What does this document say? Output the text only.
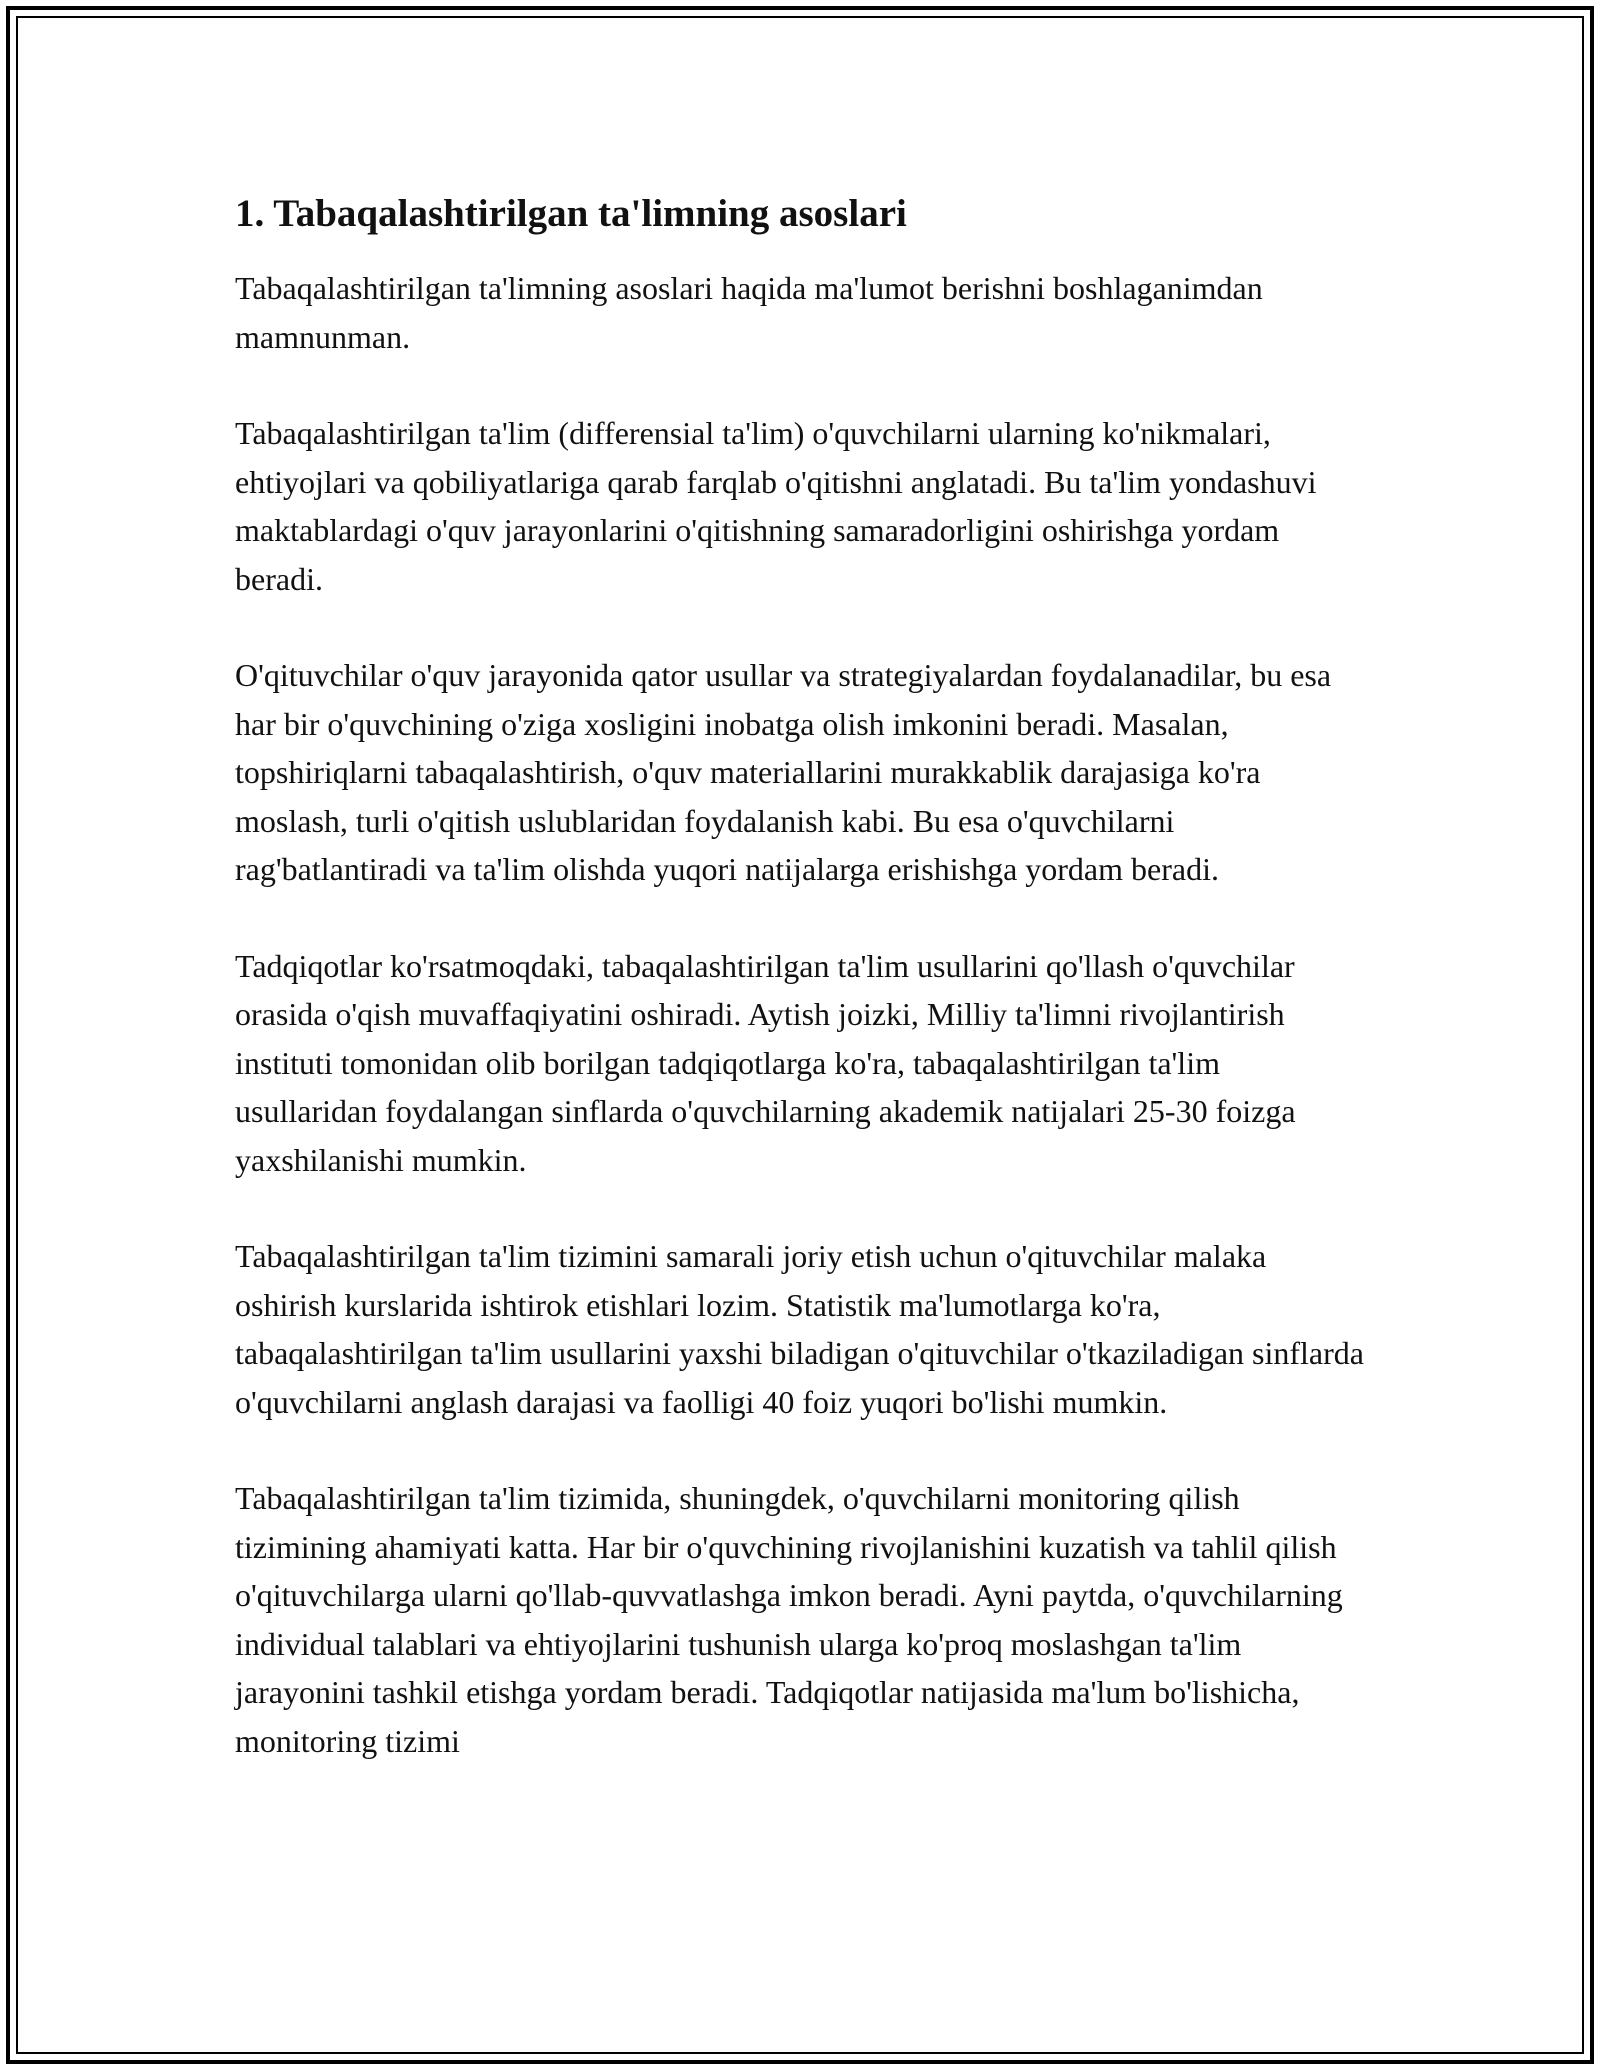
1. Tabaqalashtirilgan ta'limning asoslari

Tabaqalashtirilgan ta'limning asoslari haqida ma'lumot berishni boshlaganimdan mamnunman.

Tabaqalashtirilgan ta'lim (differensial ta'lim) o'quvchilarni ularning ko'nikmalari, ehtiyojlari va qobiliyatlariga qarab farqlab o'qitishni anglatadi. Bu ta'lim yondashuvi maktablardagi o'quv jarayonlarini o'qitishning samaradorligini oshirishga yordam beradi.

O'qituvchilar o'quv jarayonida qator usullar va strategiyalardan foydalanadilar, bu esa har bir o'quvchining o'ziga xosligini inobatga olish imkonini beradi. Masalan, topshiriqlarni tabaqalashtirish, o'quv materiallarini murakkablik darajasiga ko'ra moslash, turli o'qitish uslublaridan foydalanish kabi. Bu esa o'quvchilarni rag'batlantiradi va ta'lim olishda yuqori natijalarga erishishga yordam beradi.

Tadqiqotlar ko'rsatmoqdaki, tabaqalashtirilgan ta'lim usullarini qo'llash o'quvchilar orasida o'qish muvaffaqiyatini oshiradi. Aytish joizki, Milliy ta'limni rivojlantirish instituti tomonidan olib borilgan tadqiqotlarga ko'ra, tabaqalashtirilgan ta'lim usullaridan foydalangan sinflarda o'quvchilarning akademik natijalari 25-30 foizga yaxshilanishi mumkin.

Tabaqalashtirilgan ta'lim tizimini samarali joriy etish uchun o'qituvchilar malaka oshirish kurslarida ishtirok etishlari lozim. Statistik ma'lumotlarga ko'ra, tabaqalashtirilgan ta'lim usullarini yaxshi biladigan o'qituvchilar o'tkaziladigan sinflarda o'quvchilarni anglash darajasi va faolligi 40 foiz yuqori bo'lishi mumkin.

Tabaqalashtirilgan ta'lim tizimida, shuningdek, o'quvchilarni monitoring qilish tizimining ahamiyati katta. Har bir o'quvchining rivojlanishini kuzatish va tahlil qilish o'qituvchilarga ularni qo'llab-quvvatlashga imkon beradi. Ayni paytda, o'quvchilarning individual talablari va ehtiyojlarini tushunish ularga ko'proq moslashgan ta'lim jarayonini tashkil etishga yordam beradi. Tadqiqotlar natijasida ma'lum bo'lishicha, monitoring tizimi
